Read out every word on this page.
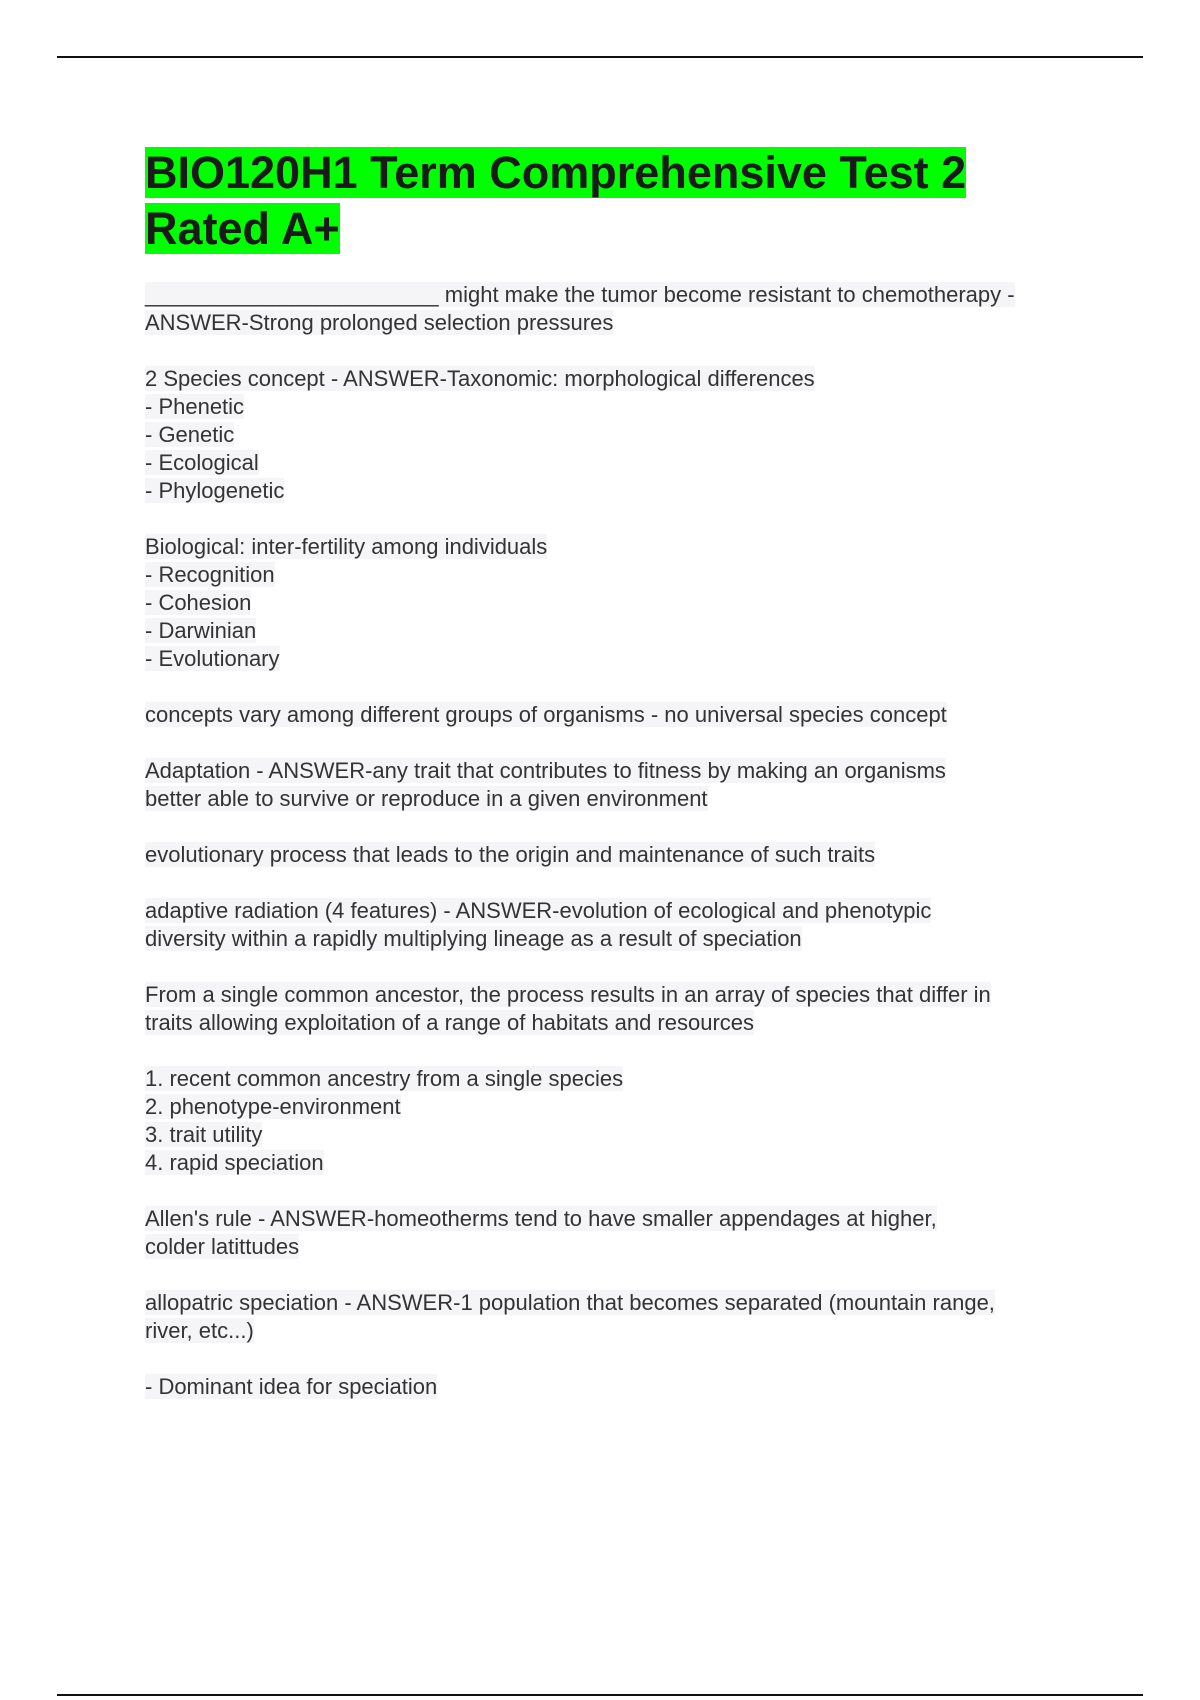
BIO120H1 Term Comprehensive Test 2
Rated A+
________________________ might make the tumor become resistant to chemotherapy -
ANSWER-Strong prolonged selection pressures
2 Species concept - ANSWER-Taxonomic: morphological differences
- Phenetic
- Genetic
- Ecological
- Phylogenetic
Biological: inter-fertility among individuals
- Recognition
- Cohesion
- Darwinian
- Evolutionary
concepts vary among different groups of organisms - no universal species concept
Adaptation - ANSWER-any trait that contributes to fitness by making an organisms
better able to survive or reproduce in a given environment
evolutionary process that leads to the origin and maintenance of such traits
adaptive radiation (4 features) - ANSWER-evolution of ecological and phenotypic
diversity within a rapidly multiplying lineage as a result of speciation
From a single common ancestor, the process results in an array of species that differ in
traits allowing exploitation of a range of habitats and resources
1. recent common ancestry from a single species
2. phenotype-environment
3. trait utility
4. rapid speciation
Allen's rule - ANSWER-homeotherms tend to have smaller appendages at higher,
colder latittudes
allopatric speciation - ANSWER-1 population that becomes separated (mountain range,
river, etc...)
- Dominant idea for speciation
